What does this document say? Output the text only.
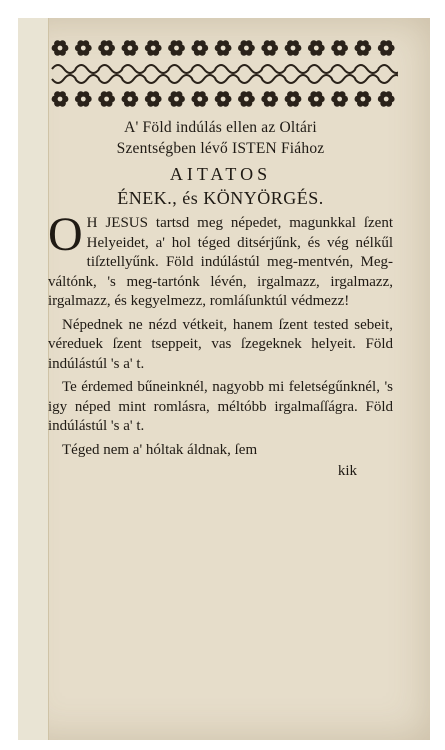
A' Föld indúlás ellen az Oltári
Szentségben lévő ISTEN Fiához
AITATOS
ÉNEK., és KÖNYÖRGÉS.
O H JESUS tartsd meg népedet, magunkkal ſzent Helyeidet, a' hol téged ditsérjűnk, és vég nélkűl tiſztellyűnk. Föld indúlástúl meg-mentvén, Meg-váltónk, 's meg-tartónk lévén, irgalmazz, irgalmazz, irgalmazz, és kegyelmezz, romláſunktúl védmezz!
Népednek ne nézd vétkeit, hanem ſzent tested sebeit, véreduek ſzent tseppeit, vas ſzegeknek helyeit. Föld indúlástúl 's a' t.
Te érdemed bűneinknél, nagyobb mi feletségűnknél, 's igy néped mint romlásra, méltóbb irgalmaſſágra. Föld indúlástúl 's a' t.
Téged nem a' hóltak áldnak, ſem
kik
